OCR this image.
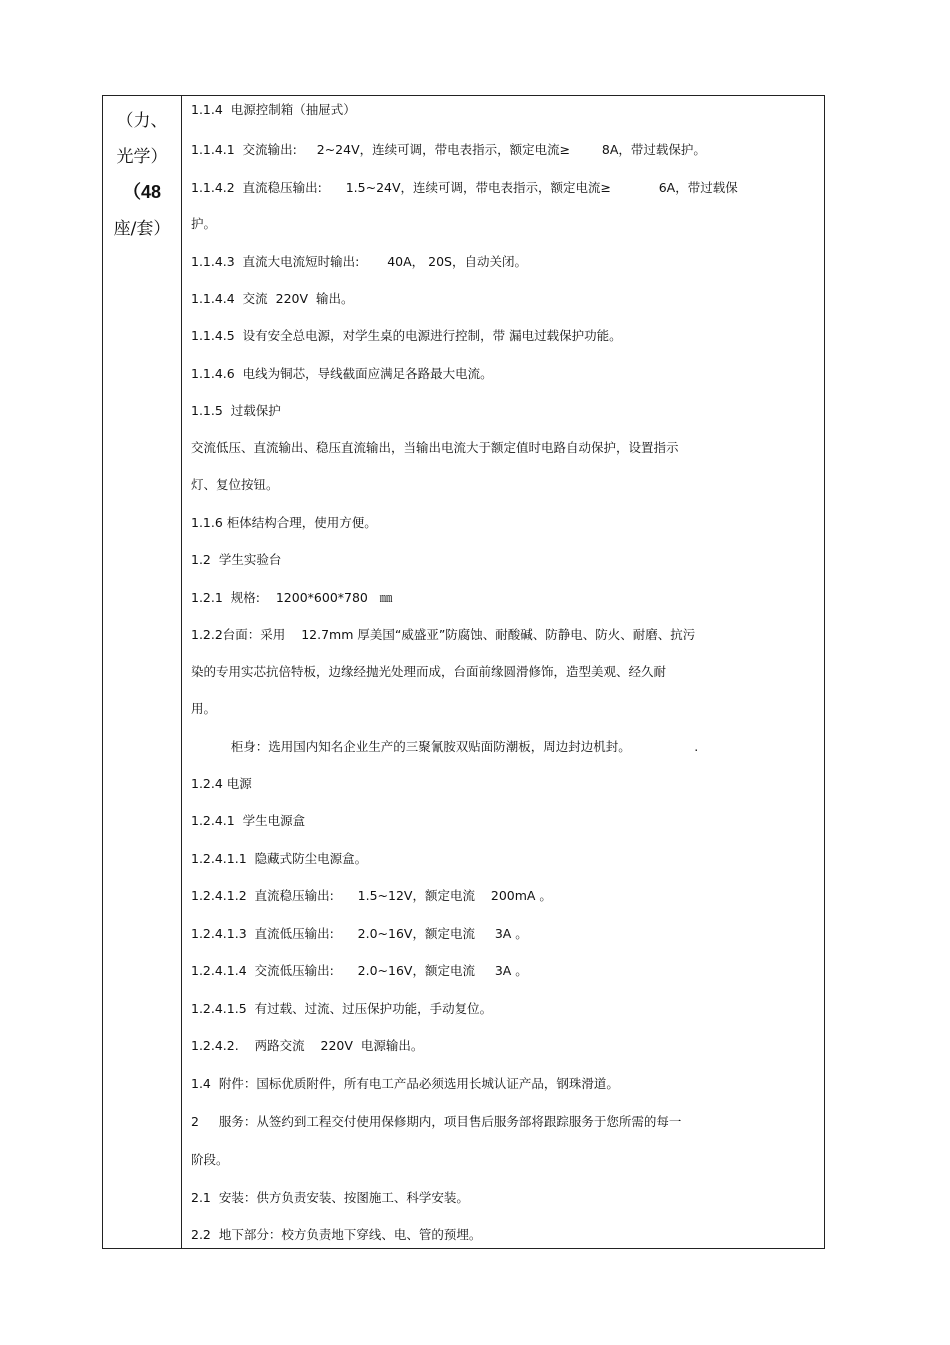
（力、
光学）
（48
座/套）
1.1.4  电源控制箱（抽屉式）
1.1.4.1  交流输出:     2~24V，连续可调，带电表指示，额定电流≥        8A，带过载保护。
1.1.4.2  直流稳压输出:      1.5~24V，连续可调，带电表指示，额定电流≥            6A，带过载保
护。
1.1.4.3  直流大电流短时输出:       40A， 20S，自动关闭。
1.1.4.4  交流  220V  输出。
1.1.4.5  设有安全总电源，对学生桌的电源进行控制，带 漏电过载保护功能。
1.1.4.6  电线为铜芯，导线截面应满足各路最大电流。
1.1.5  过载保护
交流低压、直流输出、稳压直流输出，当输出电流大于额定值时电路自动保护，设置指示
灯、复位按钮。
1.1.6 柜体结构合理，使用方便。
1.2  学生实验台
1.2.1  规格:    1200*600*780   ㎜
1.2.2台面：采用    12.7mm 厚美国“威盛亚”防腐蚀、耐酸碱、防静电、防火、耐磨、抗污
染的专用实芯抗倍特板，边缘经抛光处理而成，台面前缘圆滑修饰，造型美观、经久耐
用。
柜身：选用国内知名企业生产的三聚氰胺双贴面防潮板，周边封边机封。                .
1.2.4 电源
1.2.4.1  学生电源盒
1.2.4.1.1  隐藏式防尘电源盒。
1.2.4.1.2  直流稳压输出:      1.5~12V，额定电流    200mA 。
1.2.4.1.3  直流低压输出:      2.0~16V，额定电流     3A 。
1.2.4.1.4  交流低压输出:      2.0~16V，额定电流     3A 。
1.2.4.1.5  有过载、过流、过压保护功能，手动复位。
1.2.4.2.    两路交流    220V  电源输出。
1.4  附件：国标优质附件，所有电工产品必须选用长城认证产品，钢珠滑道。
2     服务：从签约到工程交付使用保修期内，项目售后服务部将跟踪服务于您所需的每一
阶段。
2.1  安装：供方负责安装、按图施工、科学安装。
2.2  地下部分：校方负责地下穿线、电、管的预埋。
